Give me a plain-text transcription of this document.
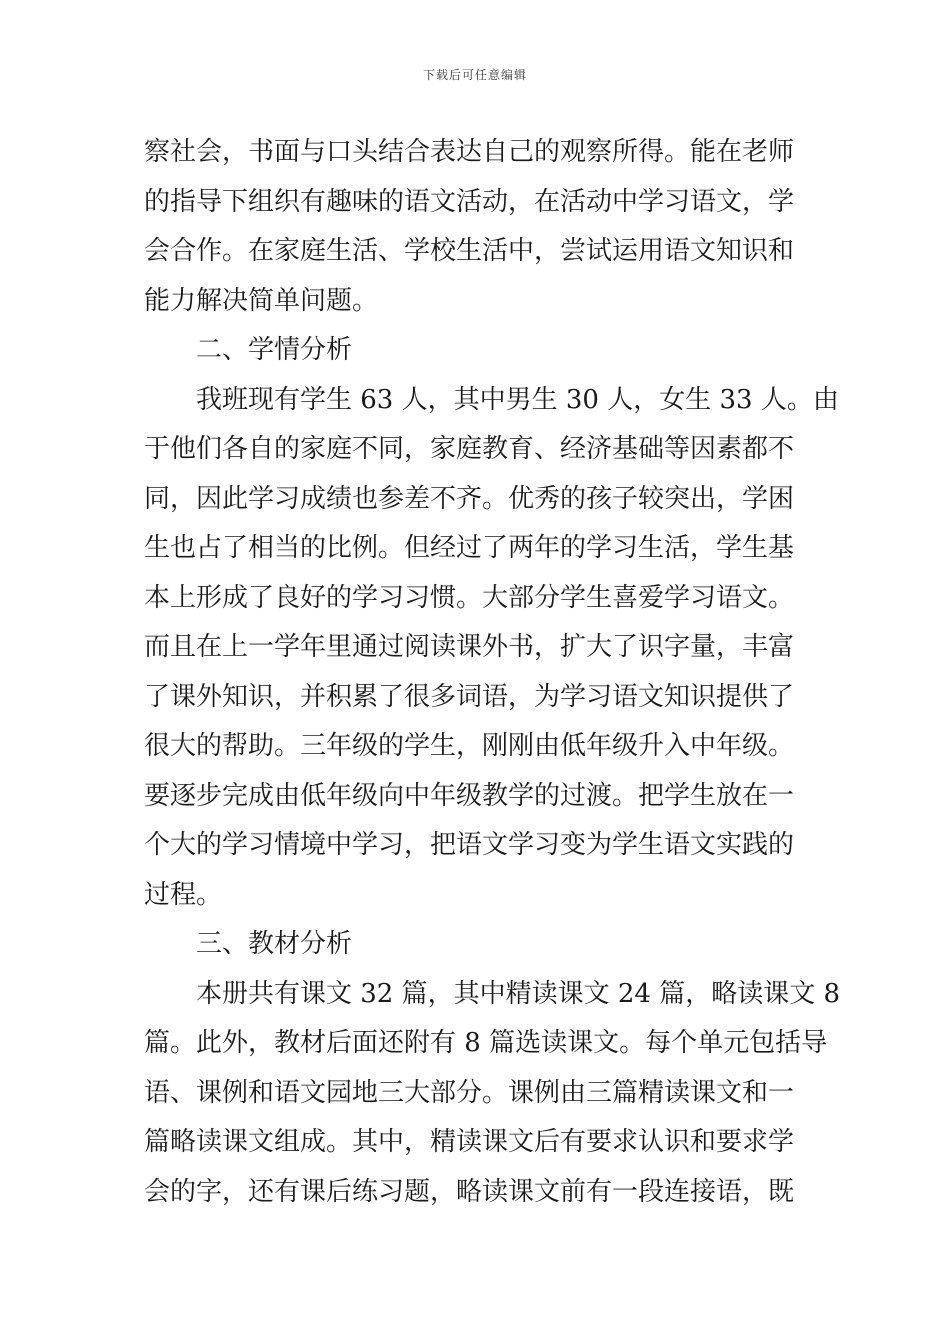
下载后可任意编辑
察社会，书面与口头结合表达自己的观察所得。能在老师
的指导下组织有趣味的语文活动，在活动中学习语文，学
会合作。在家庭生活、学校生活中，尝试运用语文知识和
能力解决简单问题。
二、学情分析
我班现有学生 63 人，其中男生 30 人，女生 33 人。由
于他们各自的家庭不同，家庭教育、经济基础等因素都不
同，因此学习成绩也参差不齐。优秀的孩子较突出，学困
生也占了相当的比例。但经过了两年的学习生活，学生基
本上形成了良好的学习习惯。大部分学生喜爱学习语文。
而且在上一学年里通过阅读课外书，扩大了识字量，丰富
了课外知识，并积累了很多词语，为学习语文知识提供了
很大的帮助。三年级的学生，刚刚由低年级升入中年级。
要逐步完成由低年级向中年级教学的过渡。把学生放在一
个大的学习情境中学习，把语文学习变为学生语文实践的
过程。
三、教材分析
本册共有课文 32 篇，其中精读课文 24 篇，略读课文 8
篇。此外，教材后面还附有 8 篇选读课文。每个单元包括导
语、课例和语文园地三大部分。课例由三篇精读课文和一
篇略读课文组成。其中，精读课文后有要求认识和要求学
会的字，还有课后练习题，略读课文前有一段连接语，既
